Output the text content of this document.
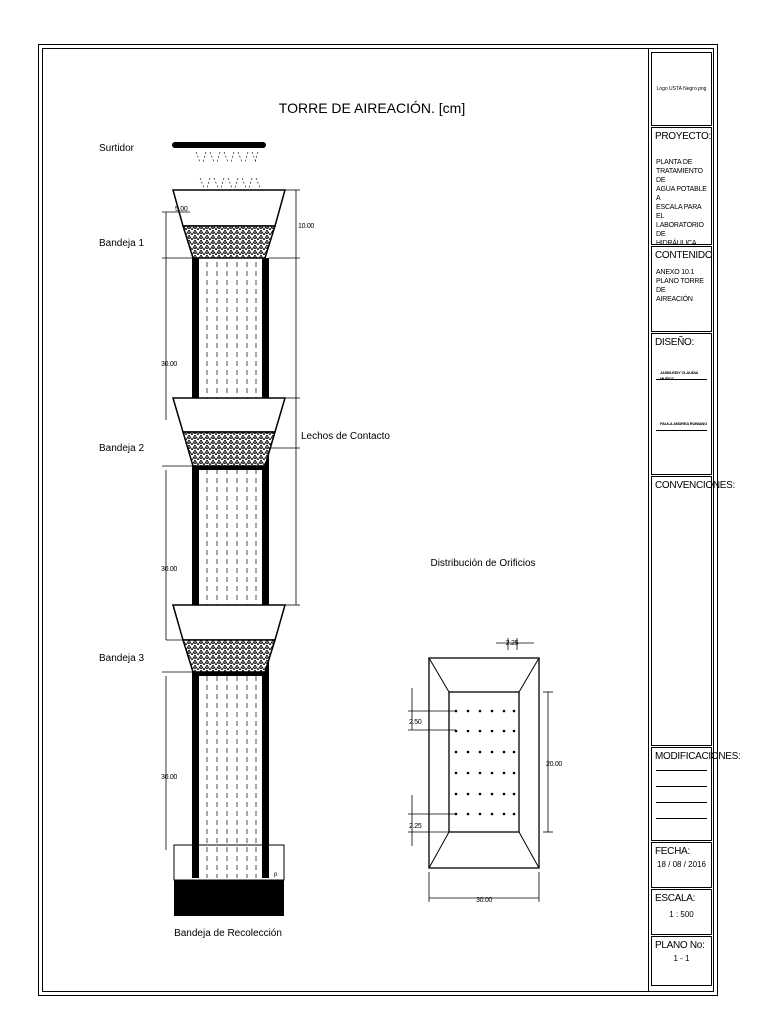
TORRE DE AIREACIÓN. [cm]
p
5.00
30.00
30.00
30.00
10.00
Surtidor
Bandeja 1
Bandeja 2
Bandeja 3
Lechos de Contacto
Bandeja de Recolección
Distribución de Orificios
2.25
2.50
2.25
20.00
30.00
Logo USTA Negro.png
PROYECTO:
PLANTA DE
TRATAMIENTO DE
AGUA POTABLE A
ESCALA PARA EL
LABORATORIO DE
HIDRÁULICA
CONTENIDO:
ANEXO 10.1
PLANO TORRE DE
AIREACIÓN
DISEÑO:
JASBLEIDY CLAUDIA MUÑOZ
PAULA ANDREA RUBIANO
CONVENCIONES:
MODIFICACIONES:
FECHA:
18 / 08 / 2016
ESCALA:
1 : 500
PLANO No:
1 - 1
